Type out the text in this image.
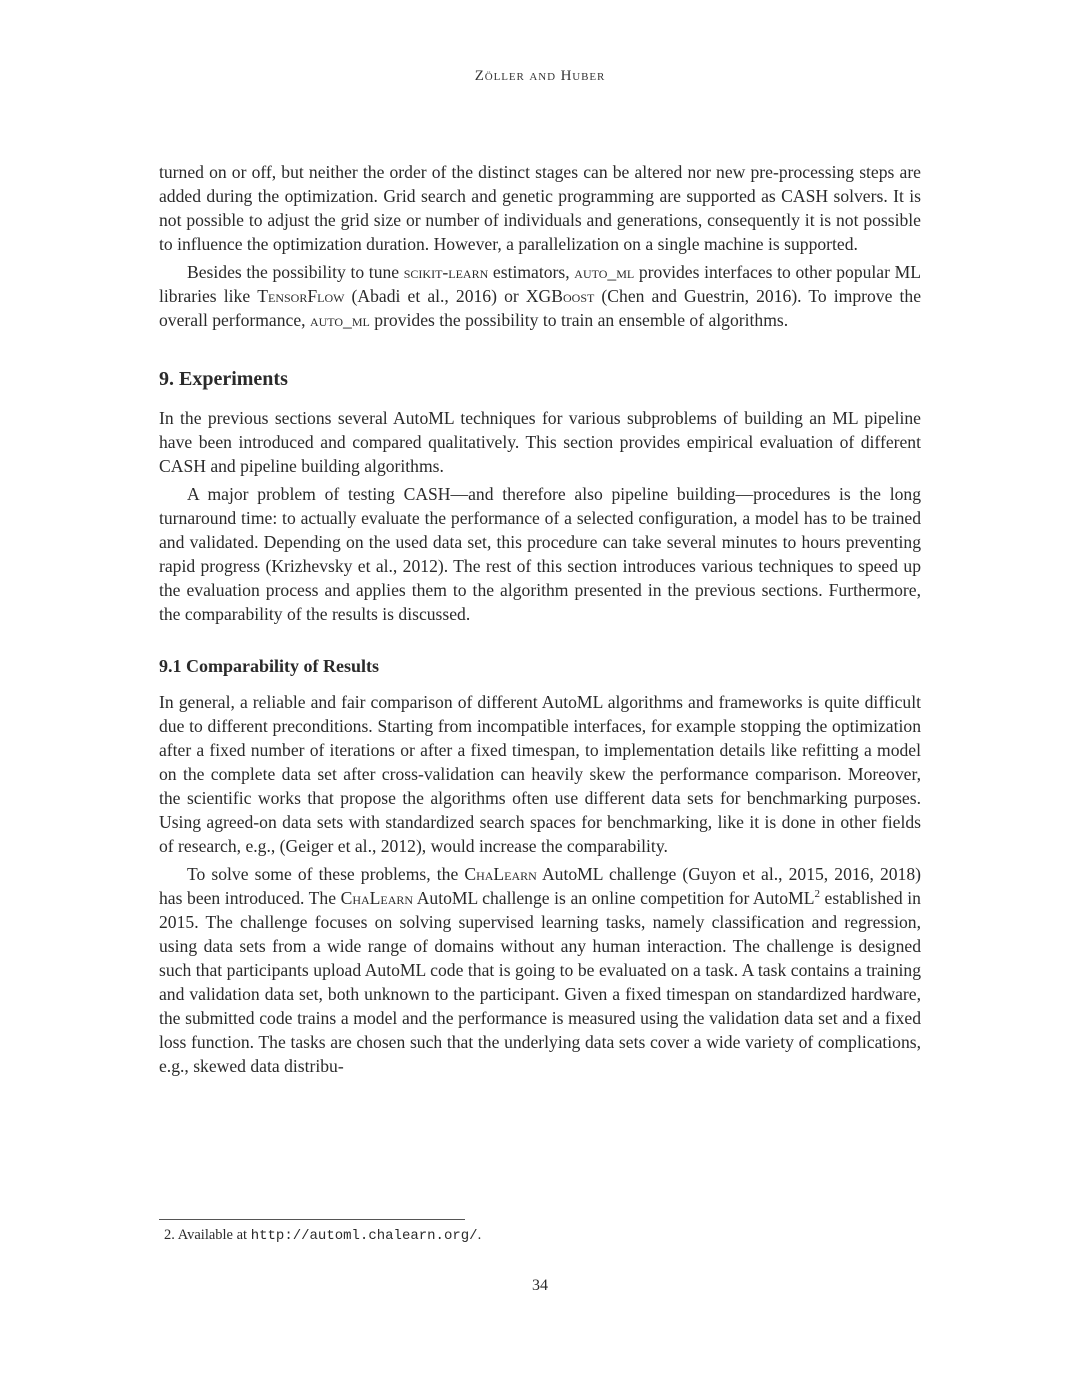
Zöller and Huber

turned on or off, but neither the order of the distinct stages can be altered nor new pre-processing steps are added during the optimization. Grid search and genetic programming are supported as CASH solvers. It is not possible to adjust the grid size or number of individuals and generations, consequently it is not possible to influence the optimization duration. However, a parallelization on a single machine is supported.

Besides the possibility to tune scikit-learn estimators, auto_ml provides interfaces to other popular ML libraries like TensorFlow (Abadi et al., 2016) or XGBoost (Chen and Guestrin, 2016). To improve the overall performance, auto_ml provides the possibility to train an ensemble of algorithms.

9. Experiments

In the previous sections several AutoML techniques for various subproblems of building an ML pipeline have been introduced and compared qualitatively. This section provides empirical evaluation of different CASH and pipeline building algorithms.

A major problem of testing CASH—and therefore also pipeline building—procedures is the long turnaround time: to actually evaluate the performance of a selected configuration, a model has to be trained and validated. Depending on the used data set, this procedure can take several minutes to hours preventing rapid progress (Krizhevsky et al., 2012). The rest of this section introduces various techniques to speed up the evaluation process and applies them to the algorithm presented in the previous sections. Furthermore, the comparability of the results is discussed.

9.1 Comparability of Results

In general, a reliable and fair comparison of different AutoML algorithms and frameworks is quite difficult due to different preconditions. Starting from incompatible interfaces, for example stopping the optimization after a fixed number of iterations or after a fixed timespan, to implementation details like refitting a model on the complete data set after cross-validation can heavily skew the performance comparison. Moreover, the scientific works that propose the algorithms often use different data sets for benchmarking purposes. Using agreed-on data sets with standardized search spaces for benchmarking, like it is done in other fields of research, e.g., (Geiger et al., 2012), would increase the comparability.

To solve some of these problems, the ChaLearn AutoML challenge (Guyon et al., 2015, 2016, 2018) has been introduced. The ChaLearn AutoML challenge is an online competition for AutoML$^2$ established in 2015. The challenge focuses on solving supervised learning tasks, namely classification and regression, using data sets from a wide range of domains without any human interaction. The challenge is designed such that participants upload AutoML code that is going to be evaluated on a task. A task contains a training and validation data set, both unknown to the participant. Given a fixed timespan on standardized hardware, the submitted code trains a model and the performance is measured using the validation data set and a fixed loss function. The tasks are chosen such that the underlying data sets cover a wide variety of complications, e.g., skewed data distribu-

2. Available at http://automl.chalearn.org/.
34
